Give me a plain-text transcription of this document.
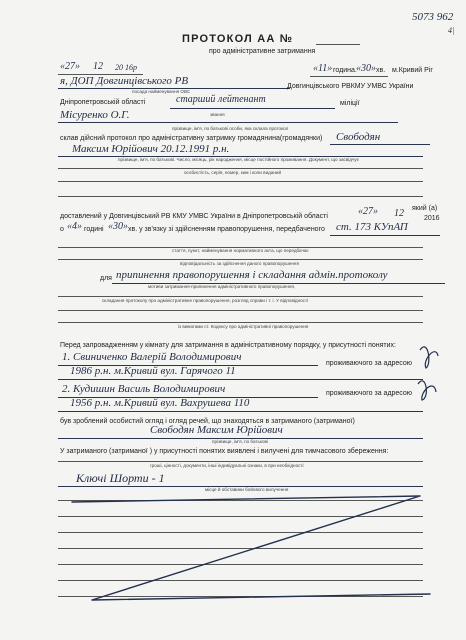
5073 962
4|
ПРОТОКОЛ АА №
про адміністративне затримання
«27» 12 20 16р	«11» година. «30» хв. м.Кривий Ріг
я, ДОП Довгинцівського РВ
посада найменування ОВС
Довгинцівського РВКМУ УМВС України
Дніпропетровській області	старший лейтенант	міліції
Місуренко О.Г.	звання
прізвище, ім'я, по батькові особи, яка склала протокол
склав дійсний протокол про адміністративну затримку громадянина(громадянки) Свободян
Максим Юрійович 20.12.1991 р.н.
прізвище, ім'я, по батькові. Число, місяць, рік народження, місце постійного проживання. Документ, що засвідчує
особистість, серія, номер, ким і коли виданий
який (а)
доставлений у Довгинцівський РВ КМУ УМВС України в Дніпропетровській області	«27» 12	2016
о «4» годині «30» хв. у зв'язку зі здійсненням правопорушення, передбаченого ст. 173 КУпАП
стаття, пункт, найменування нормативного акта, що передбачає
відповідальність за здійснення даного правопорушення
для припинення правопорушення і складання адмін.протоколу
мотиви затримання-припинення адміністративного правопорушення,
складання протоколу про адміністративне правопорушення, розгляд справи і т. і. У відповідності
із вимогами ст. Кодексу про адміністративні правопорушення
Перед запровадженням у кімнату для затримання в адміністративному порядку, у присутності понятих:
1. Свиниченко Валерій Володимирович
проживаючого за адресою
1986 р.н. м.Кривий вул. Гарячого 11
2. Кудишин Василь Володимирович	проживаючого за адресою
1956 р.н. м.Кривий вул. Вахрушева 110
був зроблений особистий огляд і огляд речей, що знаходяться в затриманого (затриманої)
Свободян Максим Юрійович
прізвище, ім'я, по батькові
У затриманого (затриманої ) у присутності понятих виявлені і вилучені для тимчасового збереження:
гроші, цінності, документи, інші індивідуальні ознаки, в при необхідності
Ключі Шорти - 1
місце й обставини бойового вилучення
